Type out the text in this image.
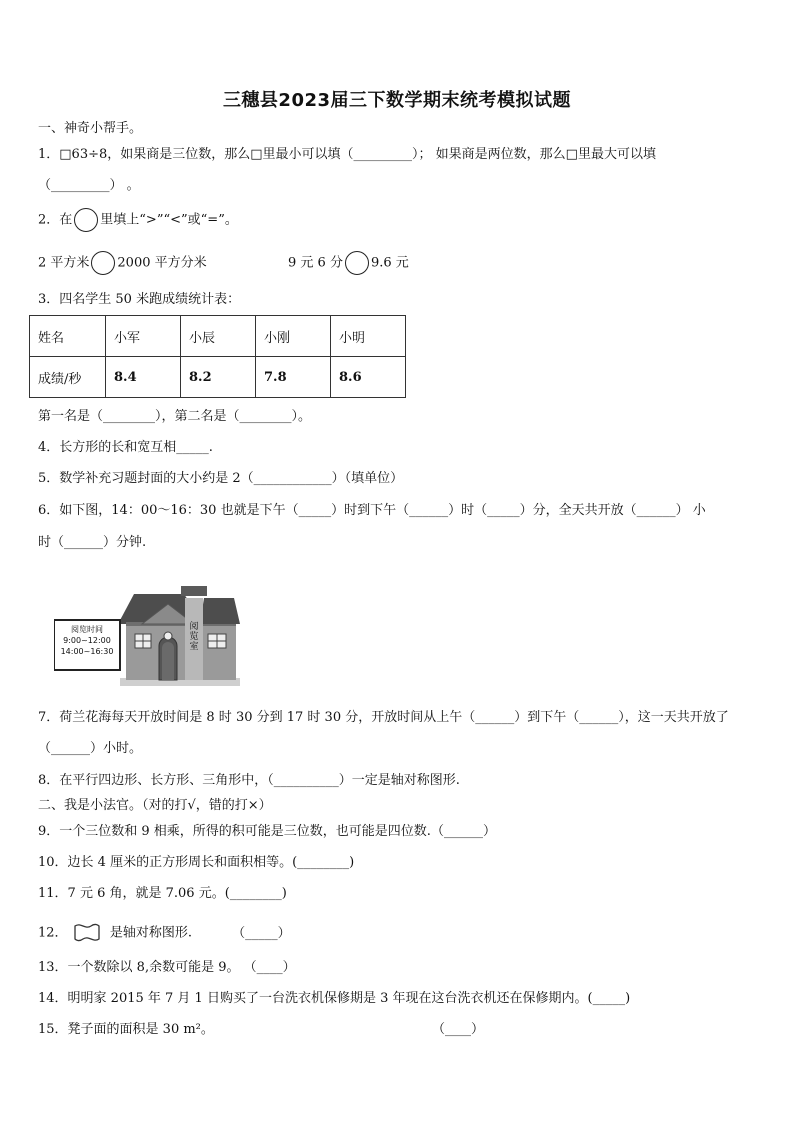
三穗县2023届三下数学期末统考模拟试题
一、神奇小帮手。
1．□63÷8，如果商是三位数，那么□里最小可以填（_________）； 如果商是两位数，那么□里最大可以填
（_________） 。
2．在 里填上“>”“<”或“=”。
2 平方米 2000 平方分米	9 元 6 分 9.6 元
3．四名学生 50 米跑成绩统计表：
姓名	小军	小辰	小刚	小明
成绩/秒	8.4	8.2	7.8	8.6
第一名是（________），第二名是（________）。
4．长方形的长和宽互相_____.
5．数学补充习题封面的大小约是 2（____________）（填单位）
6．如下图，14：00～16：30 也就是下午（_____）时到下午（______）时（_____）分，全天共开放（______） 小
时（______）分钟.
阅览时间
9:00~12:00
14:00~16:30
阅览室
7．荷兰花海每天开放时间是 8 时 30 分到 17 时 30 分，开放时间从上午（______）到下午（______），这一天共开放了
（______）小时。
8．在平行四边形、长方形、三角形中，（__________）一定是轴对称图形.
二、我是小法官。（对的打√，错的打×）
9．一个三位数和 9 相乘，所得的积可能是三位数，也可能是四位数.（______）
10．边长 4 厘米的正方形周长和面积相等。(________)
11．7 元 6 角，就是 7.06 元。(________)
12．	是轴对称图形.	（_____）
13．一个数除以 8,余数可能是 9。 （____）
14．明明家 2015 年 7 月 1 日购买了一台洗衣机保修期是 3 年现在这台洗衣机还在保修期内。(_____)
15．凳子面的面积是 30 m²。	（____）
